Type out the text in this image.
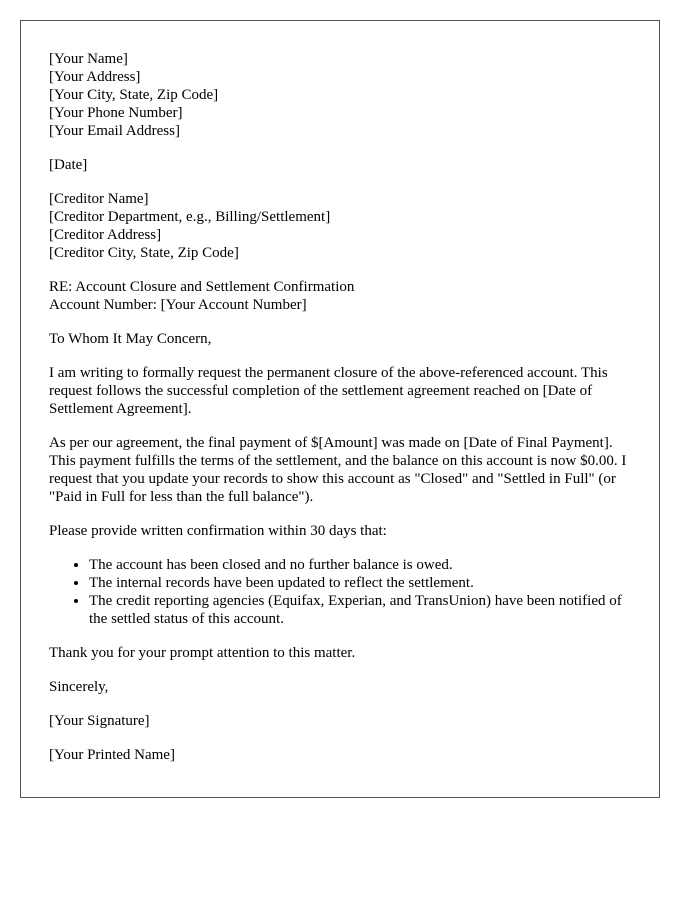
[Your Name]

[Your Address]

[Your City, State, Zip Code]

[Your Phone Number]

[Your Email Address]

[Date]

[Creditor Name]

[Creditor Department, e.g., Billing/Settlement]

[Creditor Address]

[Creditor City, State, Zip Code]

RE: Account Closure and Settlement Confirmation

Account Number: [Your Account Number]

To Whom It May Concern,

I am writing to formally request the permanent closure of the above-referenced account. This request follows the successful completion of the settlement agreement reached on [Date of Settlement Agreement].

As per our agreement, the final payment of $[Amount] was made on [Date of Final Payment]. This payment fulfills the terms of the settlement, and the balance on this account is now $0.00. I request that you update your records to show this account as "Closed" and "Settled in Full" (or "Paid in Full for less than the full balance").

Please provide written confirmation within 30 days that:

• The account has been closed and no further balance is owed.
• The internal records have been updated to reflect the settlement.
• The credit reporting agencies (Equifax, Experian, and TransUnion) have been notified of the settled status of this account.

Thank you for your prompt attention to this matter.

Sincerely,

[Your Signature]

[Your Printed Name]
